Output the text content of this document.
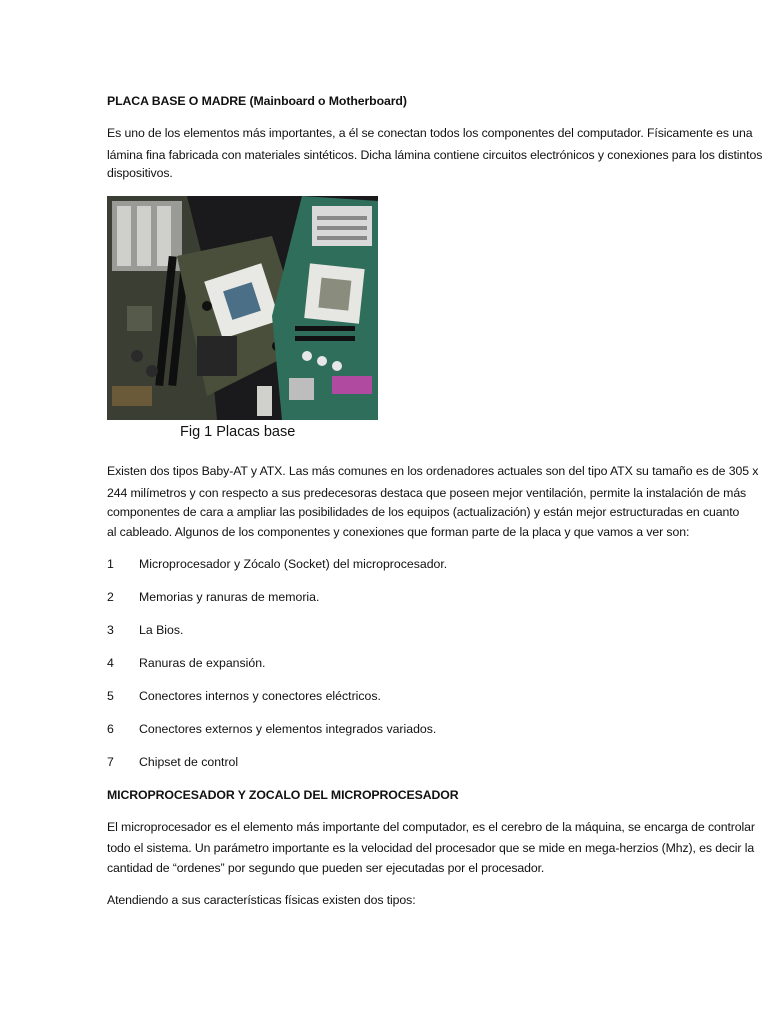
PLACA BASE O MADRE (Mainboard o Motherboard)
Es uno de los elementos más importantes, a él se conectan todos los componentes del computador. Físicamente es una
lámina fina fabricada con materiales sintéticos. Dicha lámina contiene circuitos electrónicos y conexiones para los distintos
dispositivos.
Fig 1 Placas base
Existen dos tipos Baby-AT y ATX. Las más comunes en los ordenadores actuales son del tipo ATX su tamaño es de 305 x
244 milímetros y con respecto a sus predecesoras destaca que poseen mejor ventilación, permite la instalación de más
componentes de cara a ampliar las posibilidades de los equipos (actualización) y están mejor estructuradas en cuanto
al cableado. Algunos de los componentes y conexiones que forman parte de la placa y que vamos a ver son:
1 Microprocesador y Zócalo (Socket) del microprocesador.
2 Memorias y ranuras de memoria.
3 La Bios.
4 Ranuras de expansión.
5 Conectores internos y conectores eléctricos.
6 Conectores externos y elementos integrados variados.
7 Chipset de control
MICROPROCESADOR Y ZOCALO DEL MICROPROCESADOR
El microprocesador es el elemento más importante del computador, es el cerebro de la máquina, se encarga de controlar
todo el sistema. Un parámetro importante es la velocidad del procesador que se mide en mega-herzios (Mhz), es decir la
cantidad de “ordenes” por segundo que pueden ser ejecutadas por el procesador.
Atendiendo a sus características físicas existen dos tipos:
